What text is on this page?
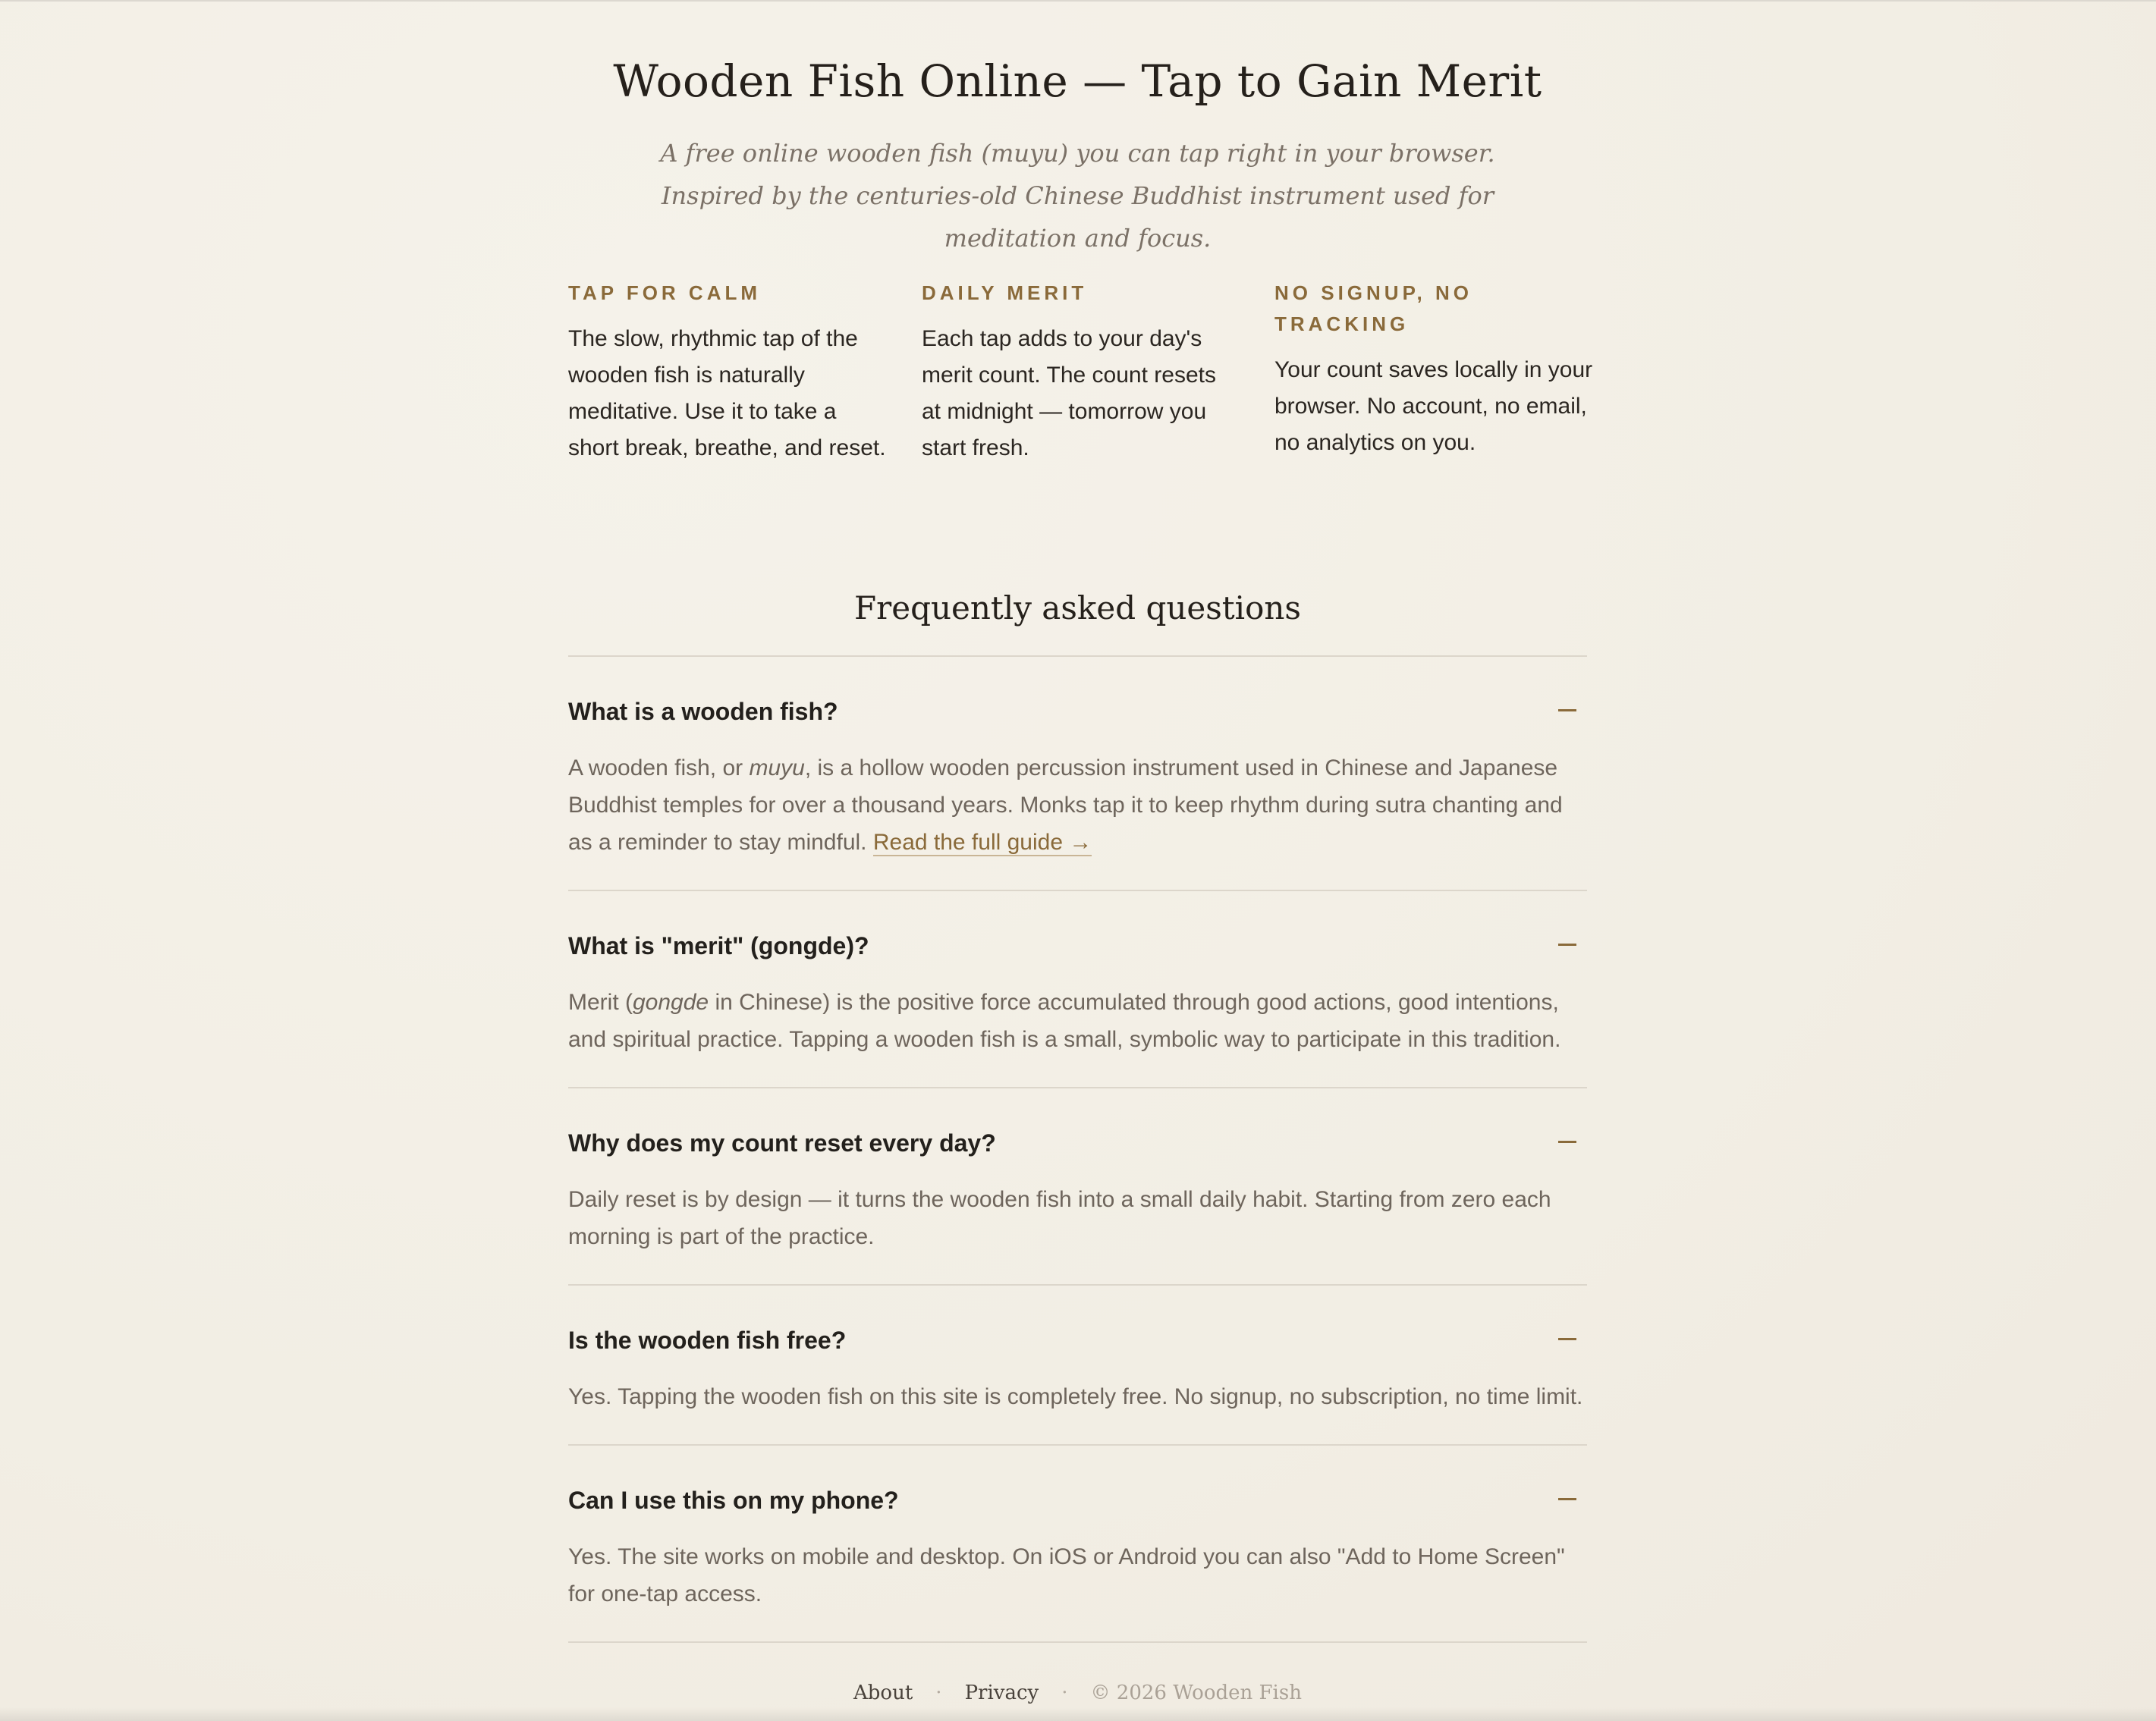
Wooden Fish Online — Tap to Gain Merit

A free online wooden fish (muyu) you can tap right in your browser. Inspired by the centuries-old Chinese Buddhist instrument used for meditation and focus.

TAP FOR CALM

The slow, rhythmic tap of the wooden fish is naturally meditative. Use it to take a short break, breathe, and reset.

DAILY MERIT

Each tap adds to your day's merit count. The count resets at midnight — tomorrow you start fresh.

NO SIGNUP, NO TRACKING

Your count saves locally in your browser. No account, no email, no analytics on you.

Frequently asked questions
What is a wooden fish?

A wooden fish, or muyu, is a hollow wooden percussion instrument used in Chinese and Japanese Buddhist temples for over a thousand years. Monks tap it to keep rhythm during sutra chanting and as a reminder to stay mindful. Read the full guide →

What is "merit" (gongde)?

Merit (gongde in Chinese) is the positive force accumulated through good actions, good intentions, and spiritual practice. Tapping a wooden fish is a small, symbolic way to participate in this tradition.

Why does my count reset every day?

Daily reset is by design — it turns the wooden fish into a small daily habit. Starting from zero each morning is part of the practice.

Is the wooden fish free?

Yes. Tapping the wooden fish on this site is completely free. No signup, no subscription, no time limit.

Can I use this on my phone?

Yes. The site works on mobile and desktop. On iOS or Android you can also "Add to Home Screen" for one-tap access.

About · Privacy · © 2026 Wooden Fish
